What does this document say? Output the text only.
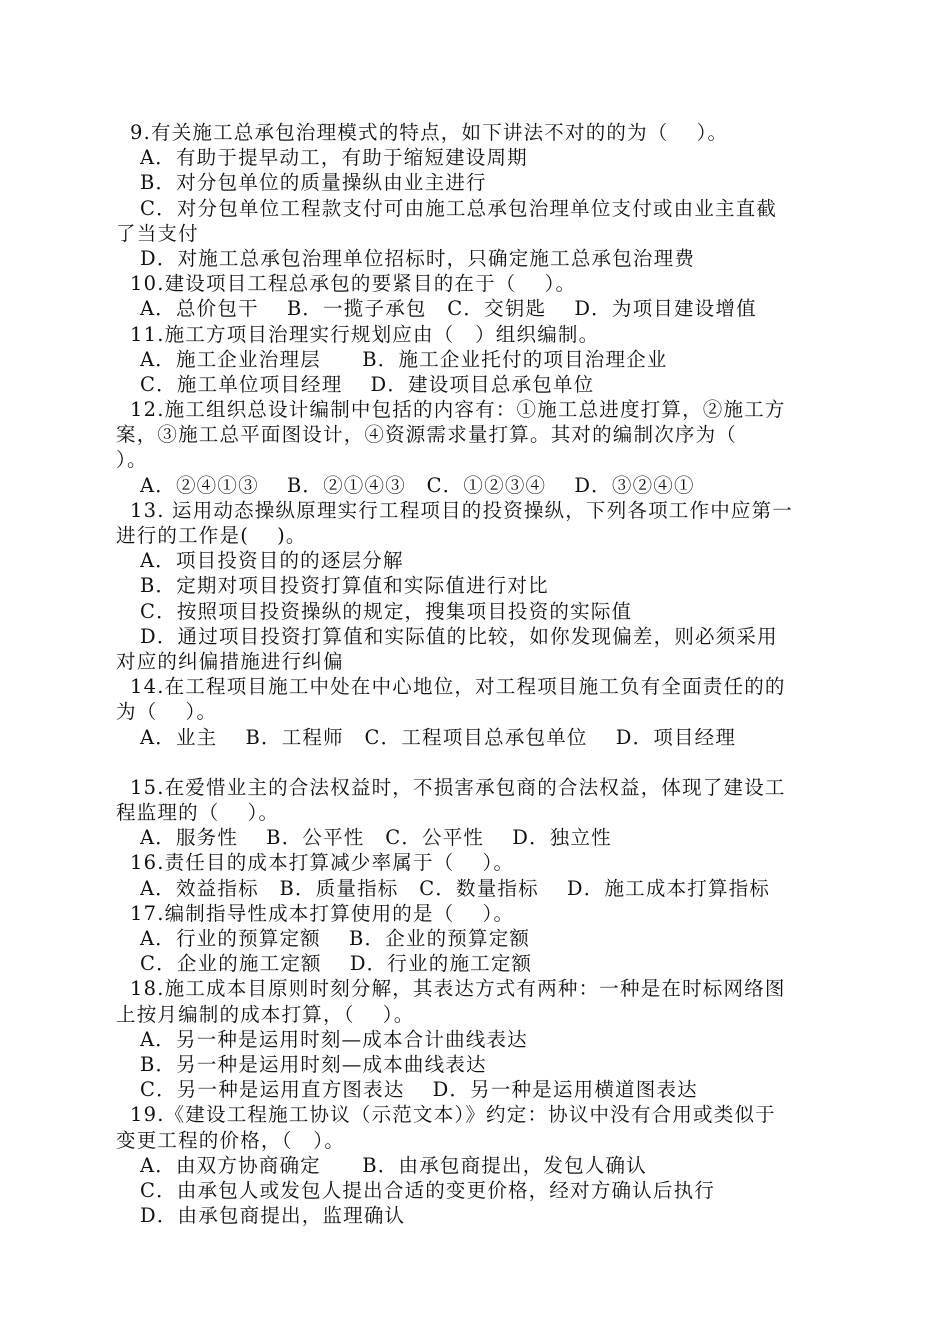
9.有关施工总承包治理模式的特点，如下讲法不对的的为（　 ）。
A．有助于提早动工，有助于缩短建设周期
B．对分包单位的质量操纵由业主进行
C．对分包单位工程款支付可由施工总承包治理单位支付或由业主直截
了当支付
D．对施工总承包治理单位招标时，只确定施工总承包治理费
10.建设项目工程总承包的要紧目的在于（　 ）。
A．总价包干　 B．一揽子承包　C．交钥匙　 D．为项目建设增值
11.施工方项目治理实行规划应由（　）组织编制。
A．施工企业治理层　　B．施工企业托付的项目治理企业
C．施工单位项目经理　 D．建设项目总承包单位
12.施工组织总设计编制中包括的内容有：①施工总进度打算，②施工方
案，③施工总平面图设计，④资源需求量打算。其对的编制次序为（
）。
A．②④①③　 B．②①④③　C．①②③④　 D．③②④①
13. 运用动态操纵原理实行工程项目的投资操纵，下列各项工作中应第一
进行的工作是(　 )。
A．项目投资目的的逐层分解
B．定期对项目投资打算值和实际值进行对比
C．按照项目投资操纵的规定，搜集项目投资的实际值
D．通过项目投资打算值和实际值的比较，如你发现偏差，则必须采用
对应的纠偏措施进行纠偏
14.在工程项目施工中处在中心地位，对工程项目施工负有全面责任的的
为（　 ）。
A．业主　 B．工程师　C．工程项目总承包单位　 D．项目经理
15.在爱惜业主的合法权益时，不损害承包商的合法权益，体现了建设工
程监理的（　 ）。
A．服务性　 B．公平性　C．公平性　 D．独立性
16.责任目的成本打算减少率属于（　 ）。
A．效益指标　B．质量指标　C．数量指标　 D．施工成本打算指标
17.编制指导性成本打算使用的是（　 ）。
A．行业的预算定额　 B．企业的预算定额
C．企业的施工定额　 D．行业的施工定额
18.施工成本目原则时刻分解，其表达方式有两种：一种是在时标网络图
上按月编制的成本打算，（　 ）。
A．另一种是运用时刻—成本合计曲线表达
B．另一种是运用时刻—成本曲线表达
C．另一种是运用直方图表达　 D．另一种是运用横道图表达
19.《建设工程施工协议（示范文本）》约定：协议中没有合用或类似于
变更工程的价格，（　）。
A．由双方协商确定　　B．由承包商提出，发包人确认
C．由承包人或发包人提出合适的变更价格，经对方确认后执行
D．由承包商提出，监理确认
